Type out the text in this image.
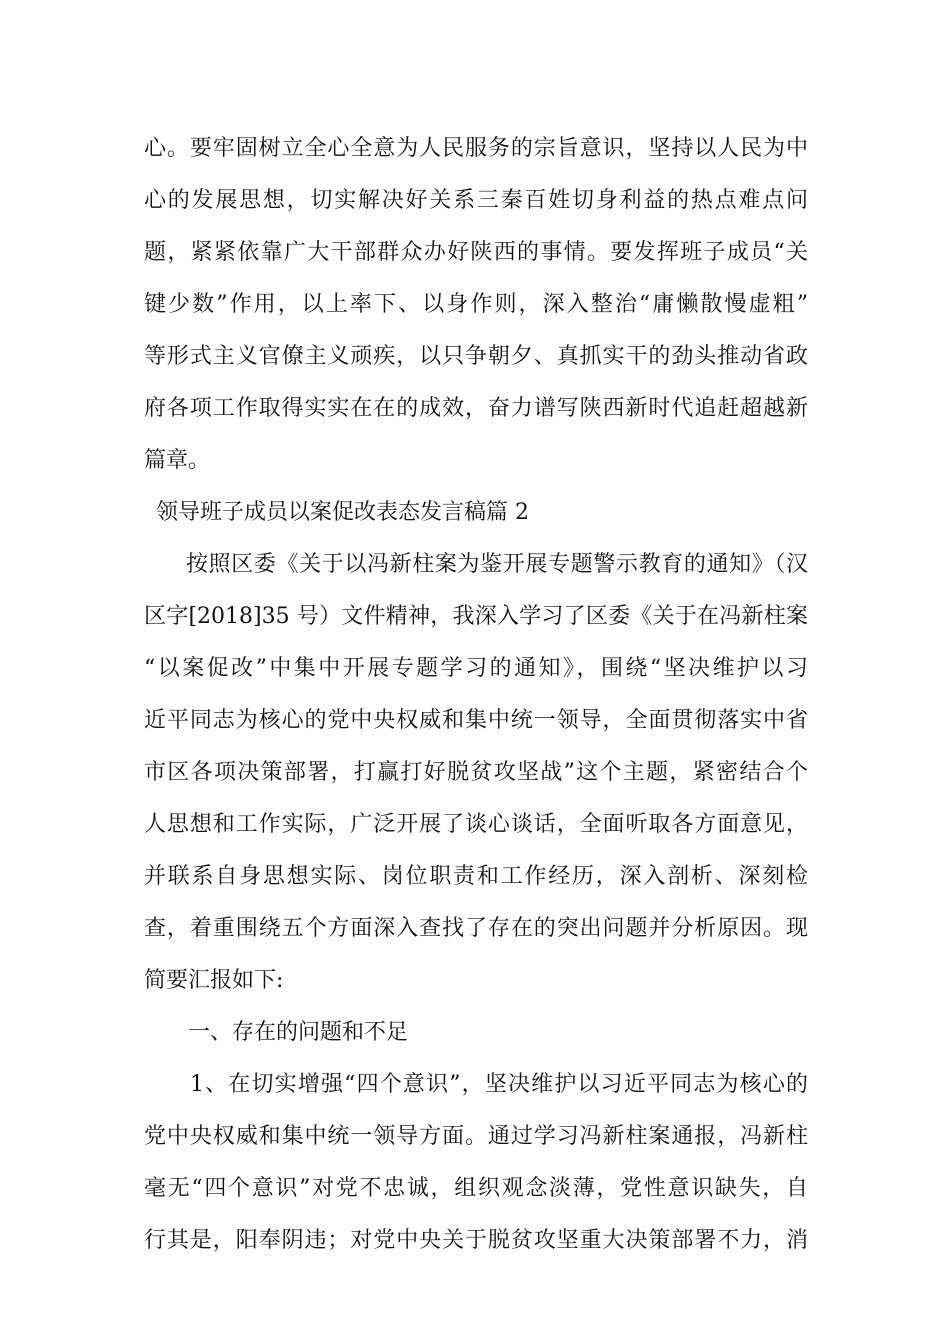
心。要牢固树立全心全意为人民服务的宗旨意识，坚持以人民为中
心的发展思想，切实解决好关系三秦百姓切身利益的热点难点问
题，紧紧依靠广大干部群众办好陕西的事情。要发挥班子成员“关
键少数”作用，以上率下、以身作则，深入整治“庸懒散慢虚粗”
等形式主义官僚主义顽疾，以只争朝夕、真抓实干的劲头推动省政
府各项工作取得实实在在的成效，奋力谱写陕西新时代追赶超越新
篇章。
领导班子成员以案促改表态发言稿篇 2
按照区委《关于以冯新柱案为鉴开展专题警示教育的通知》（汉
区字[2018]35 号）文件精神，我深入学习了区委《关于在冯新柱案
“以案促改”中集中开展专题学习的通知》，围绕“坚决维护以习
近平同志为核心的党中央权威和集中统一领导，全面贯彻落实中省
市区各项决策部署，打赢打好脱贫攻坚战”这个主题，紧密结合个
人思想和工作实际，广泛开展了谈心谈话，全面听取各方面意见，
并联系自身思想实际、岗位职责和工作经历，深入剖析、深刻检
查，着重围绕五个方面深入查找了存在的突出问题并分析原因。现
简要汇报如下:
一、存在的问题和不足
1、在切实增强“四个意识”，坚决维护以习近平同志为核心的
党中央权威和集中统一领导方面。通过学习冯新柱案通报，冯新柱
毫无“四个意识”对党不忠诚，组织观念淡薄，党性意识缺失，自
行其是，阳奉阴违；对党中央关于脱贫攻坚重大决策部署不力，消
